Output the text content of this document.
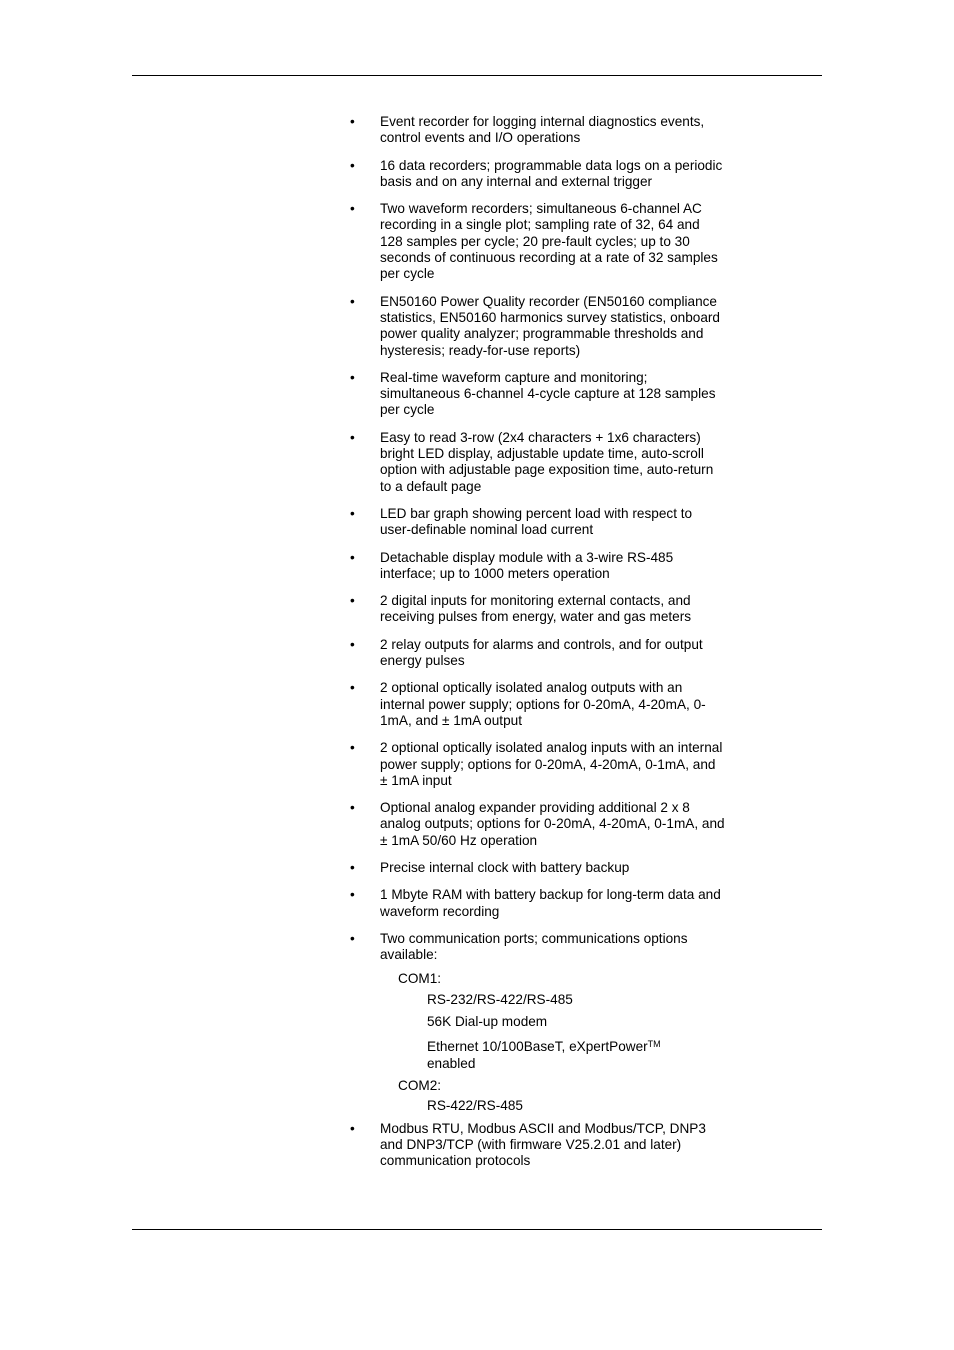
•	Event recorder for logging internal diagnostics events, control events and I/O operations
•	16 data recorders; programmable data logs on a periodic basis and on any internal and external trigger
•	Two waveform recorders; simultaneous 6-channel AC recording in a single plot; sampling rate of 32, 64 and 128 samples per cycle; 20 pre-fault cycles; up to 30 seconds of continuous recording at a rate of 32 samples per cycle
•	EN50160 Power Quality recorder (EN50160 compliance statistics, EN50160 harmonics survey statistics, onboard power quality analyzer; programmable thresholds and hysteresis; ready-for-use reports)
•	Real-time waveform capture and monitoring; simultaneous 6-channel 4-cycle capture at 128 samples per cycle
•	Easy to read 3-row (2x4 characters + 1x6 characters) bright LED display, adjustable update time, auto-scroll option with adjustable page exposition time, auto-return to a default page
•	LED bar graph showing percent load with respect to user-definable nominal load current
•	Detachable display module with a 3-wire RS-485 interface; up to 1000 meters operation
•	2 digital inputs for monitoring external contacts, and receiving pulses from energy, water and gas meters
•	2 relay outputs for alarms and controls, and for output energy pulses
•	2 optional optically isolated analog outputs with an internal power supply; options for 0-20mA, 4-20mA, 0-1mA, and ± 1mA output
•	2 optional optically isolated analog inputs with an internal power supply; options for 0-20mA, 4-20mA, 0-1mA, and ± 1mA input
•	Optional analog expander providing additional 2 x 8 analog outputs; options for 0-20mA, 4-20mA, 0-1mA, and ± 1mA 50/60 Hz operation
•	Precise internal clock with battery backup
•	1 Mbyte RAM with battery backup for long-term data and waveform recording
•	Two communication ports; communications options available:
COM1:
RS-232/RS-422/RS-485
56K Dial-up modem
Ethernet 10/100BaseT, eXpertPower™
enabled
COM2:
RS-422/RS-485
•	Modbus RTU, Modbus ASCII and Modbus/TCP, DNP3 and DNP3/TCP (with firmware V25.2.01 and later) communication protocols
